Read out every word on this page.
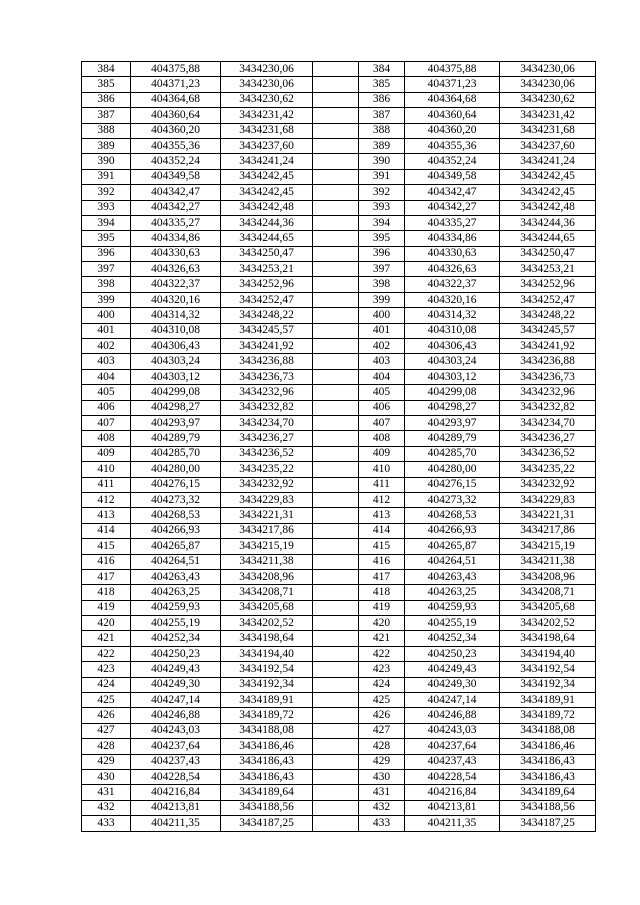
384	404375,88	3434230,06		384	404375,88	3434230,06
385	404371,23	3434230,06		385	404371,23	3434230,06
386	404364,68	3434230,62		386	404364,68	3434230,62
387	404360,64	3434231,42		387	404360,64	3434231,42
388	404360,20	3434231,68		388	404360,20	3434231,68
389	404355,36	3434237,60		389	404355,36	3434237,60
390	404352,24	3434241,24		390	404352,24	3434241,24
391	404349,58	3434242,45		391	404349,58	3434242,45
392	404342,47	3434242,45		392	404342,47	3434242,45
393	404342,27	3434242,48		393	404342,27	3434242,48
394	404335,27	3434244,36		394	404335,27	3434244,36
395	404334,86	3434244,65		395	404334,86	3434244,65
396	404330,63	3434250,47		396	404330,63	3434250,47
397	404326,63	3434253,21		397	404326,63	3434253,21
398	404322,37	3434252,96		398	404322,37	3434252,96
399	404320,16	3434252,47		399	404320,16	3434252,47
400	404314,32	3434248,22		400	404314,32	3434248,22
401	404310,08	3434245,57		401	404310,08	3434245,57
402	404306,43	3434241,92		402	404306,43	3434241,92
403	404303,24	3434236,88		403	404303,24	3434236,88
404	404303,12	3434236,73		404	404303,12	3434236,73
405	404299,08	3434232,96		405	404299,08	3434232,96
406	404298,27	3434232,82		406	404298,27	3434232,82
407	404293,97	3434234,70		407	404293,97	3434234,70
408	404289,79	3434236,27		408	404289,79	3434236,27
409	404285,70	3434236,52		409	404285,70	3434236,52
410	404280,00	3434235,22		410	404280,00	3434235,22
411	404276,15	3434232,92		411	404276,15	3434232,92
412	404273,32	3434229,83		412	404273,32	3434229,83
413	404268,53	3434221,31		413	404268,53	3434221,31
414	404266,93	3434217,86		414	404266,93	3434217,86
415	404265,87	3434215,19		415	404265,87	3434215,19
416	404264,51	3434211,38		416	404264,51	3434211,38
417	404263,43	3434208,96		417	404263,43	3434208,96
418	404263,25	3434208,71		418	404263,25	3434208,71
419	404259,93	3434205,68		419	404259,93	3434205,68
420	404255,19	3434202,52		420	404255,19	3434202,52
421	404252,34	3434198,64		421	404252,34	3434198,64
422	404250,23	3434194,40		422	404250,23	3434194,40
423	404249,43	3434192,54		423	404249,43	3434192,54
424	404249,30	3434192,34		424	404249,30	3434192,34
425	404247,14	3434189,91		425	404247,14	3434189,91
426	404246,88	3434189,72		426	404246,88	3434189,72
427	404243,03	3434188,08		427	404243,03	3434188,08
428	404237,64	3434186,46		428	404237,64	3434186,46
429	404237,43	3434186,43		429	404237,43	3434186,43
430	404228,54	3434186,43		430	404228,54	3434186,43
431	404216,84	3434189,64		431	404216,84	3434189,64
432	404213,81	3434188,56		432	404213,81	3434188,56
433	404211,35	3434187,25		433	404211,35	3434187,25
